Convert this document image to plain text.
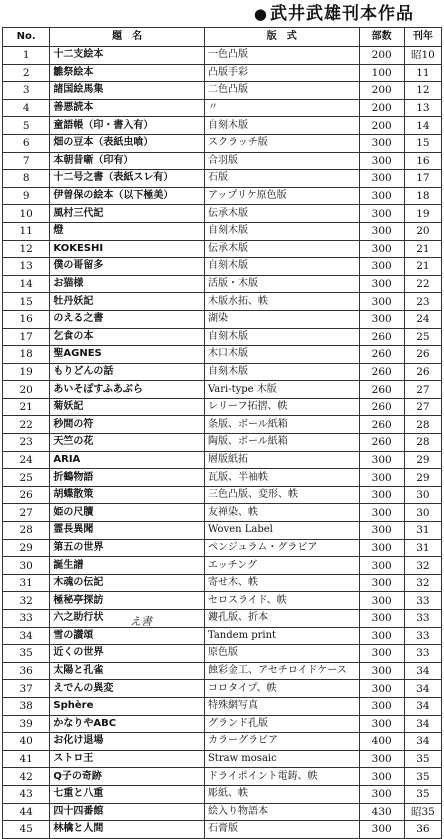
● 武井武雄刊本作品
No.	題　名	版　式	部数	刊年
1	十二支絵本	一色凸版	200	昭10
2	雛祭絵本	凸版手彩	100	11
3	諸国絵馬集	二色凸版	200	12
4	善悪読本	〃	200	13
5	童語帳（印・書入有）	自刻木版	200	14
6	畑の豆本（表紙虫喰）	スクラッチ版	300	15
7	本朝昔噺（印有）	合羽版	300	16
8	十二号之書（表紙スレ有）	石版	300	17
9	伊曽保の絵本（以下極美）	アップリケ原色版	300	18
10	風村三代記	伝承木版	300	19
11	燈	自刻木版	300	20
12	KOKESHI	伝承木版	300	21
13	僕の哥留多	自刻木版	300	21
14	お猫様	活版・木版	300	22
15	牡丹妖記	木版水拓、帙	300	23
16	のえる之書	湖染	300	24
17	乞食の本	自刻木版	260	25
18	聖AGNES	木口木版	260	26
19	もりどんの話	自刻木版	260	26
20	あいそぽすふあぶら	Vari-type 木版	260	27
21	菊妖記	レリーフ拓摺、帙	260	27
22	秒間の符	条版、ボール紙箱	260	28
23	天竺の花	陶版、ボール紙箱	260	28
24	ARIA	層版紙拓	300	29
25	折鶴物語	瓦版、半袖帙	300	29
26	胡蝶散策	三色凸版、変形、帙	300	30
27	姫の尺牘	友禅染、帙	300	30
28	霊長異聞	Woven Label	300	31
29	第五の世界	ペンジュラム・グラビア	300	31
30	誕生譜	エッチング	300	32
31	木魂の伝記	寄せ木、帙	300	32
32	極秘亭探訪	セロスライド、帙	300	33
33	六之助行状	鏤孔版、折本	300	33
34	雪の讃頌	Tandem print	300	33
35	近くの世界	原色版	300	33
36	太陽と孔雀	蝕彩金工、アセチロイドケース	300	34
37	えでんの異変	コロタイプ、帙	300	34
38	Sphère	特殊網写真	300	34
39	かなりやABC	グランド孔版	300	34
40	お化け退場	カラーグラビア	400	34
41	ストロ王	Straw mosaic	300	35
42	Q子の奇跡	ドライポイント電鋳、帙	300	35
43	七重と八重	彫紙、帙	300	35
44	四十四番館	絵入り物語本	430	昭35
45	林檎と人間	石膏版	300	36
え書
